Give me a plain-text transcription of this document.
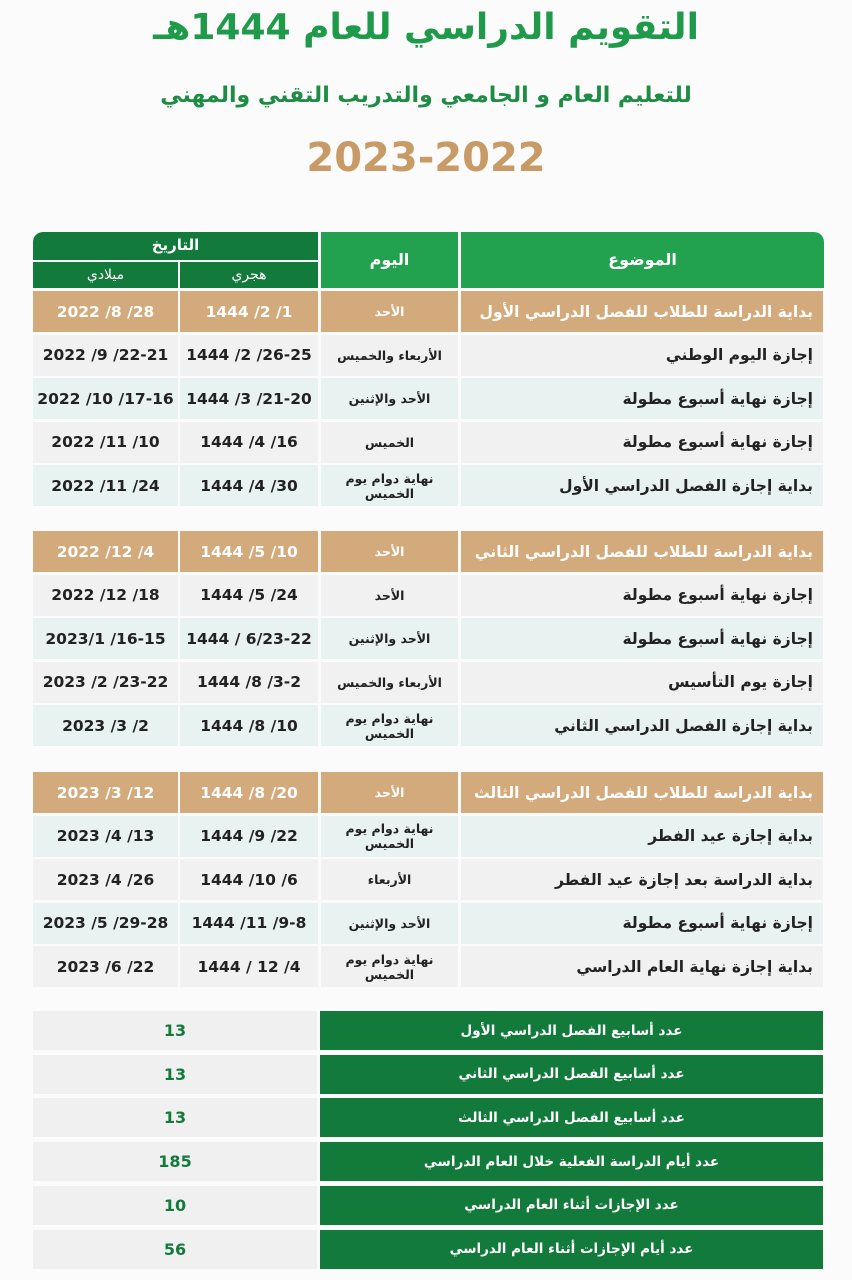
التقويم الدراسي للعام 1444هـ
للتعليم العام و الجامعي والتدريب التقني والمهني
2023-2022
الموضوع
اليوم
التاريخ
هجري
ميلادي
بداية الدراسة للطلاب للفصل الدراسي الأول
الأحد
1444 /2 /1
2022 /8 /28
إجازة اليوم الوطني
الأربعاء والخميس
1444 /2 /26-25
2022 /9 /22-21
إجازة نهاية أسبوع مطولة
الأحد والإثنين
1444 /3 /21-20
2022 /10 /17-16
إجازة نهاية أسبوع مطولة
الخميس
1444 /4 /16
2022 /11 /10
بداية إجازة الفصل الدراسي الأول
نهاية دوام يوم الخميس
1444 /4 /30
2022 /11 /24
بداية الدراسة للطلاب للفصل الدراسي الثاني
الأحد
1444 /5 /10
2022 /12 /4
إجازة نهاية أسبوع مطولة
الأحد
1444 /5 /24
2022 /12 /18
إجازة نهاية أسبوع مطولة
الأحد والإثنين
1444 / 6/23-22
2023/1 /16-15
إجازة يوم التأسيس
الأربعاء والخميس
1444 /8 /3-2
2023 /2 /23-22
بداية إجازة الفصل الدراسي الثاني
نهاية دوام يوم الخميس
1444 /8 /10
2023 /3 /2
بداية الدراسة للطلاب للفصل الدراسي الثالث
الأحد
1444 /8 /20
2023 /3 /12
بداية إجازة عيد الفطر
نهاية دوام يوم الخميس
1444 /9 /22
2023 /4 /13
بداية الدراسة بعد إجازة عيد الفطر
الأربعاء
1444 /10 /6
2023 /4 /26
إجازة نهاية أسبوع مطولة
الأحد والإثنين
1444 /11 /9-8
2023 /5 /29-28
بداية إجازة نهاية العام الدراسي
نهاية دوام يوم الخميس
1444 / 12 /4
2023 /6 /22
عدد أسابيع الفصل الدراسي الأول
13
عدد أسابيع الفصل الدراسي الثاني
13
عدد أسابيع الفصل الدراسي الثالث
13
عدد أيام الدراسة الفعلية خلال العام الدراسي
185
عدد الإجازات أثناء العام الدراسي
10
عدد أيام الإجازات أثناء العام الدراسي
56
